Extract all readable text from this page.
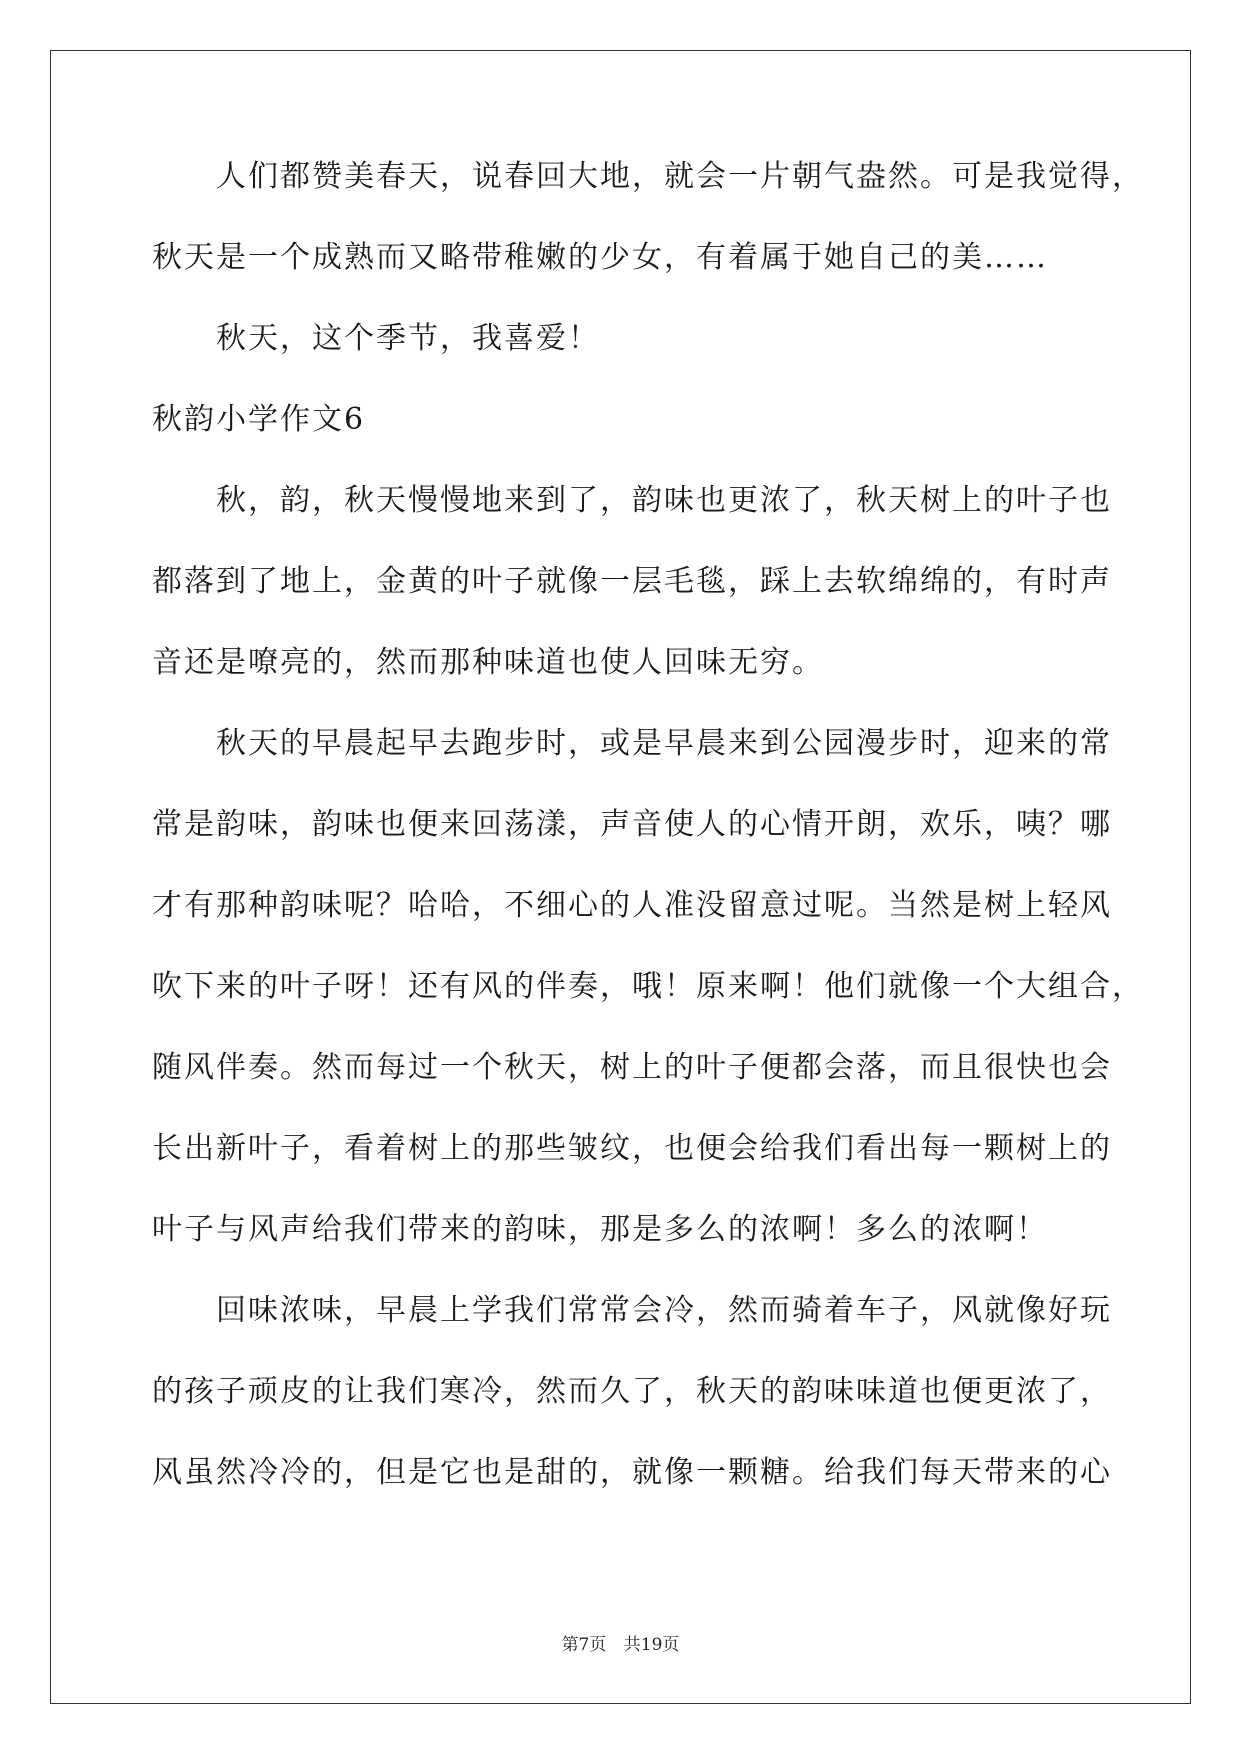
人们都赞美春天，说春回大地，就会一片朝气盎然。可是我觉得，
秋天是一个成熟而又略带稚嫩的少女，有着属于她自己的美……
秋天，这个季节，我喜爱！
秋韵小学作文6
秋，韵，秋天慢慢地来到了，韵味也更浓了，秋天树上的叶子也
都落到了地上，金黄的叶子就像一层毛毯，踩上去软绵绵的，有时声
音还是嘹亮的，然而那种味道也使人回味无穷。
秋天的早晨起早去跑步时，或是早晨来到公园漫步时，迎来的常
常是韵味，韵味也便来回荡漾，声音使人的心情开朗，欢乐，咦？哪
才有那种韵味呢？哈哈，不细心的人准没留意过呢。当然是树上轻风
吹下来的叶子呀！还有风的伴奏，哦！原来啊！他们就像一个大组合，
随风伴奏。然而每过一个秋天，树上的叶子便都会落，而且很快也会
长出新叶子，看着树上的那些皱纹，也便会给我们看出每一颗树上的
叶子与风声给我们带来的韵味，那是多么的浓啊！多么的浓啊！
回味浓味，早晨上学我们常常会冷，然而骑着车子，风就像好玩
的孩子顽皮的让我们寒冷，然而久了，秋天的韵味味道也便更浓了，
风虽然冷冷的，但是它也是甜的，就像一颗糖。给我们每天带来的心
第7页 共19页
